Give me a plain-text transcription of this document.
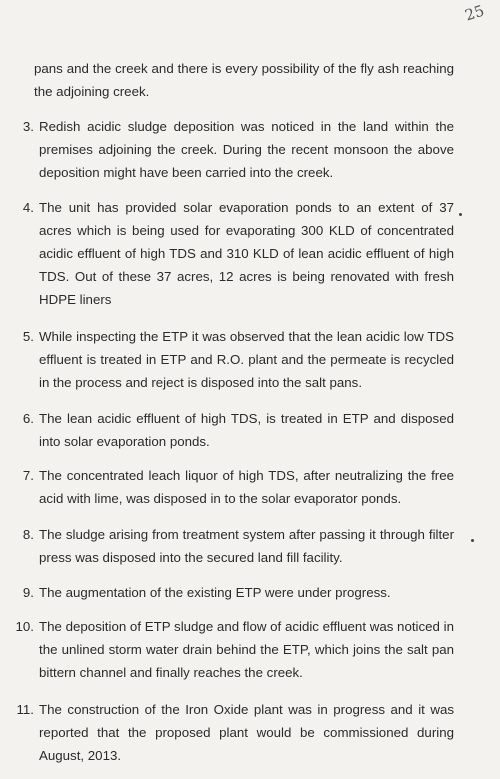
25
pans and the creek and there is every possibility of the fly ash reaching the adjoining creek.
3. Redish acidic sludge deposition was noticed in the land within the premises adjoining the creek. During the recent monsoon the above deposition might have been carried into the creek.
4. The unit has provided solar evaporation ponds to an extent of 37 acres which is being used for evaporating 300 KLD of concentrated acidic effluent of high TDS and 310 KLD of lean acidic effluent of high TDS. Out of these 37 acres, 12 acres is being renovated with fresh HDPE liners
5. While inspecting the ETP it was observed that the lean acidic low TDS effluent is treated in ETP and R.O. plant and the permeate is recycled in the process and reject is disposed into the salt pans.
6. The lean acidic effluent of high TDS, is treated in ETP and disposed into solar evaporation ponds.
7. The concentrated leach liquor of high TDS, after neutralizing the free acid with lime, was disposed in to the solar evaporator ponds.
8. The sludge arising from treatment system after passing it through filter press was disposed into the secured land fill facility.
9. The augmentation of the existing ETP were under progress.
10. The deposition of ETP sludge and flow of acidic effluent was noticed in the unlined storm water drain behind the ETP, which joins the salt pan bittern channel and finally reaches the creek.
11. The construction of the Iron Oxide plant was in progress and it was reported that the proposed plant would be commissioned during August, 2013.
